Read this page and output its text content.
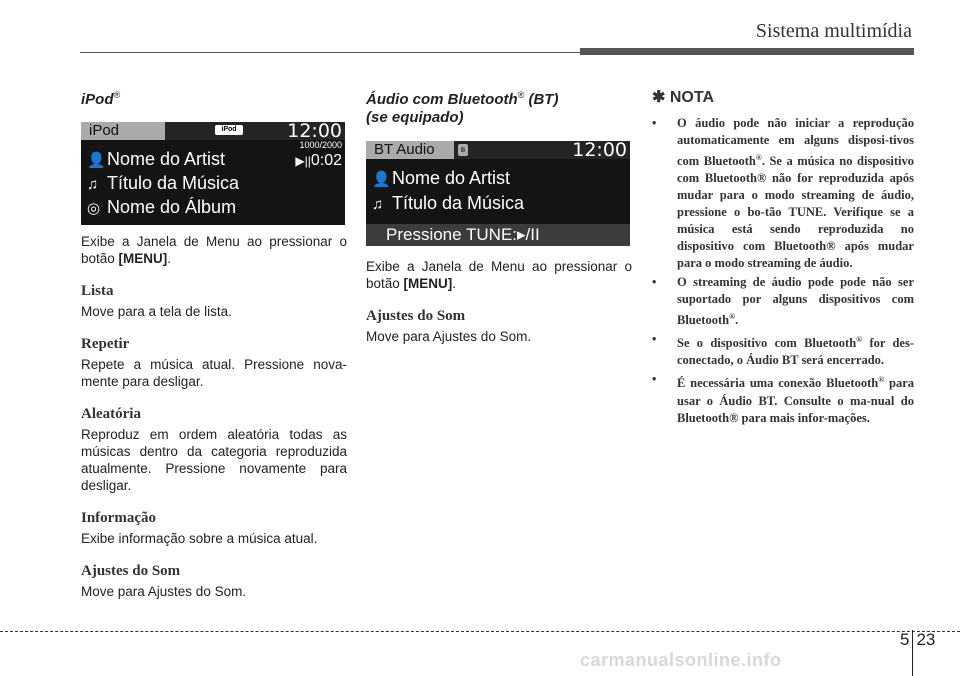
Sistema multimídia
iPod®
iPod	iPod	12:00
1000/2000
▶||0:02
👤Nome do Artist
♫ Título da Música
◎ Nome do Álbum
Exibe a Janela de Menu ao pressionar o botão [MENU].
Lista
Move para a tela de lista.
Repetir
Repete a música atual. Pressione nova-mente para desligar.
Aleatória
Reproduz em ordem aleatória todas as músicas dentro da categoria reproduzida atualmente. Pressione novamente para desligar.
Informação
Exibe informação sobre a música atual.
Ajustes do Som
Move para Ajustes do Som.
Áudio com Bluetooth® (BT)
(se equipado)
BT Audio	ʙ	12:00
👤Nome do Artist
♫ Título da Música
Pressione TUNE:▸/II
Exibe a Janela de Menu ao pressionar o botão [MENU].
Ajustes do Som
Move para Ajustes do Som.
✱ NOTA
• O áudio pode não iniciar a reprodução automaticamente em alguns disposi-tivos com Bluetooth®. Se a música no dispositivo com Bluetooth® não for reproduzida após mudar para o modo streaming de áudio, pressione o bo-tão TUNE. Verifique se a música está sendo reproduzida no dispositivo com Bluetooth® após mudar para o modo streaming de áudio.
• O streaming de áudio pode pode não ser suportado por alguns dispositivos com Bluetooth®.
• Se o dispositivo com Bluetooth® for des-conectado, o Áudio BT será encerrado.
• É necessária uma conexão Bluetooth® para usar o Áudio BT. Consulte o ma-nual do Bluetooth® para mais infor-mações.
5 23
carmanualsonline.info
